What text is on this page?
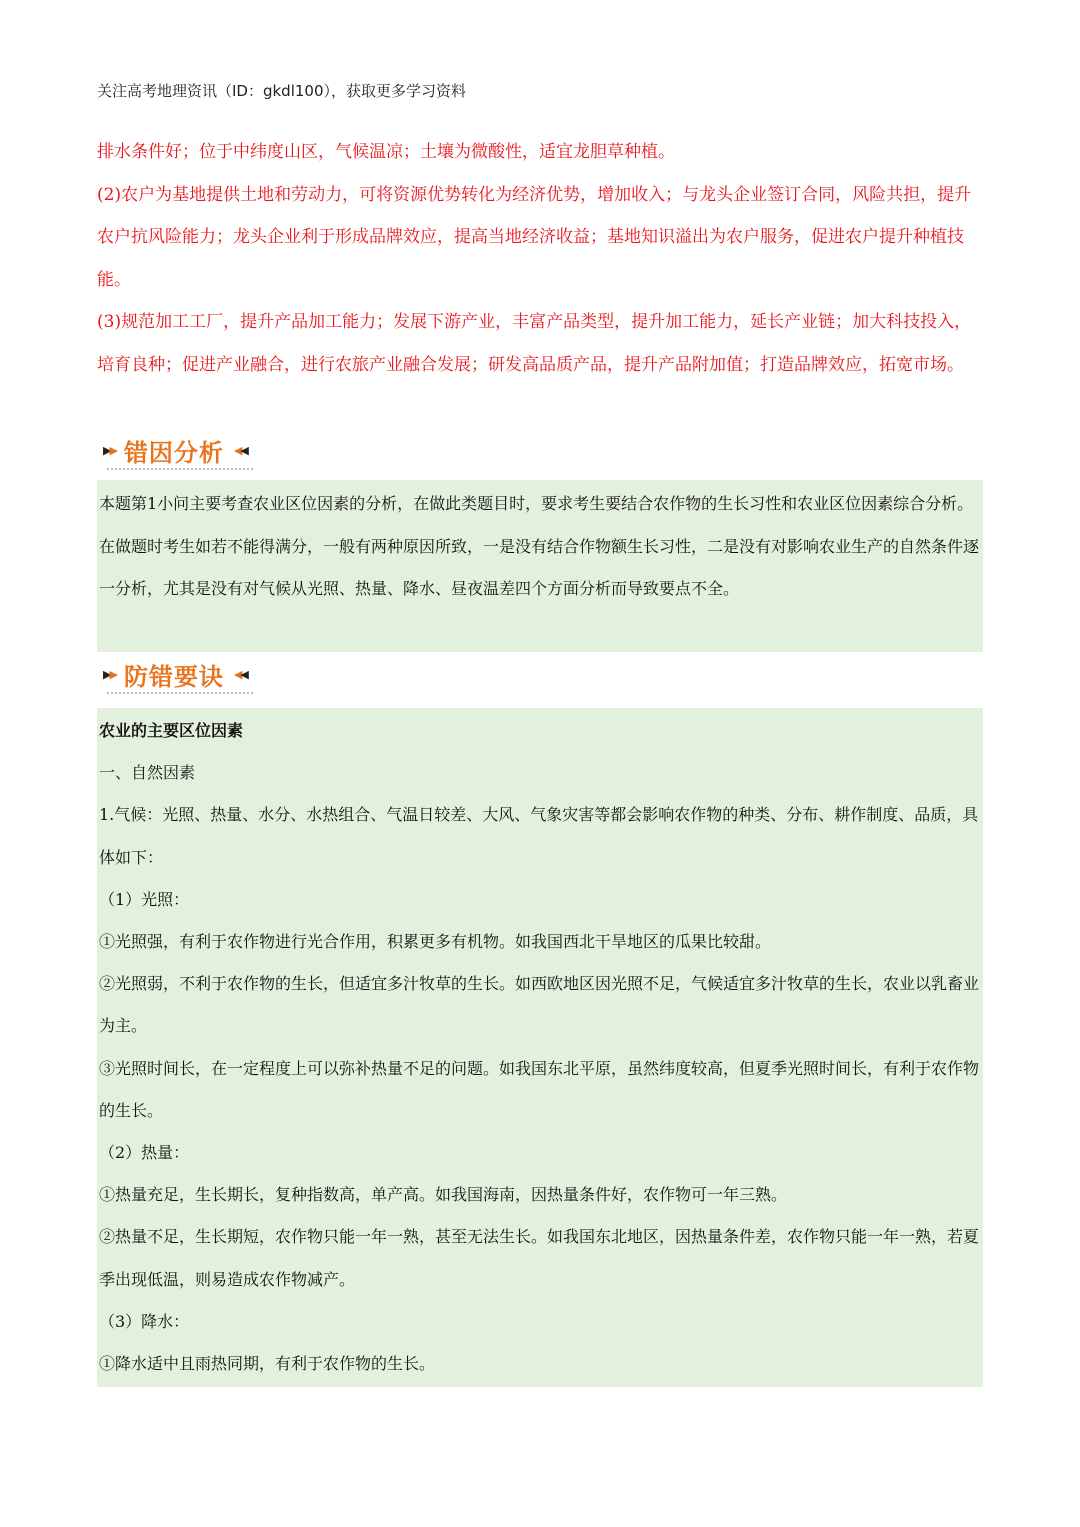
关注高考地理资讯（ID：gkdl100），获取更多学习资料

排水条件好；位于中纬度山区，气候温凉；土壤为微酸性，适宜龙胆草种植。

(2)农户为基地提供土地和劳动力，可将资源优势转化为经济优势，增加收入；与龙头企业签订合同，风险共担，提升农户抗风险能力；龙头企业利于形成品牌效应，提高当地经济收益；基地知识溢出为农户服务，促进农户提升种植技能。

(3)规范加工工厂，提升产品加工能力；发展下游产业，丰富产品类型，提升加工能力，延长产业链；加大科技投入，培育良种；促进产业融合，进行农旅产业融合发展；研发高品质产品，提升产品附加值；打造品牌效应，拓宽市场。

▶▶ 错因分析 ◀◀

本题第1小问主要考查农业区位因素的分析，在做此类题目时，要求考生要结合农作物的生长习性和农业区位因素综合分析。在做题时考生如若不能得满分，一般有两种原因所致，一是没有结合作物额生长习性，二是没有对影响农业生产的自然条件逐一分析，尤其是没有对气候从光照、热量、降水、昼夜温差四个方面分析而导致要点不全。

▶▶ 防错要诀 ◀◀

农业的主要区位因素

一、自然因素

1.气候：光照、热量、水分、水热组合、气温日较差、大风、气象灾害等都会影响农作物的种类、分布、耕作制度、品质，具体如下：

（1）光照：

①光照强，有利于农作物进行光合作用，积累更多有机物。如我国西北干旱地区的瓜果比较甜。

②光照弱，不利于农作物的生长，但适宜多汁牧草的生长。如西欧地区因光照不足，气候适宜多汁牧草的生长，农业以乳畜业为主。

③光照时间长，在一定程度上可以弥补热量不足的问题。如我国东北平原，虽然纬度较高，但夏季光照时间长，有利于农作物的生长。

（2）热量：

①热量充足，生长期长，复种指数高，单产高。如我国海南，因热量条件好，农作物可一年三熟。

②热量不足，生长期短，农作物只能一年一熟，甚至无法生长。如我国东北地区，因热量条件差，农作物只能一年一熟，若夏季出现低温，则易造成农作物减产。

（3）降水：

①降水适中且雨热同期，有利于农作物的生长。
